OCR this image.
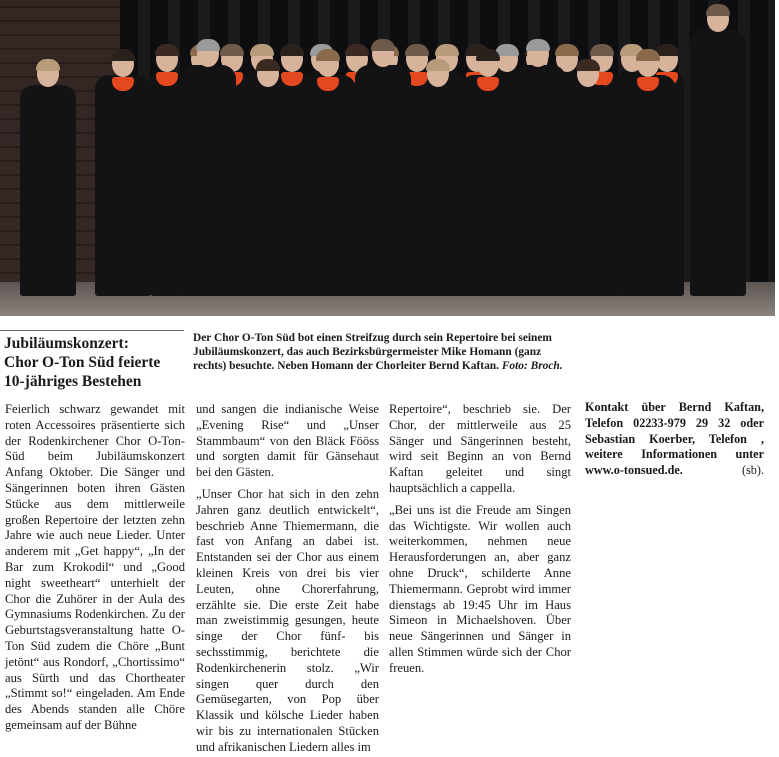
Jubiläumskonzert:
Chor O-Ton Süd feierte
10-jähriges Bestehen

Der Chor O-Ton Süd bot einen Streifzug durch sein Repertoire bei seinem Jubiläumskonzert, das auch Bezirksbürgermeister Mike Homann (ganz rechts) besuchte. Neben Homann der Chorleiter Bernd Kaftan. Foto: Broch.

Feierlich schwarz gewandet mit roten Accessoires präsentierte sich der Rodenkirchener Chor O-Ton-Süd beim Jubiläumskonzert Anfang Oktober. Die Sänger und Sängerinnen boten ihren Gästen Stücke aus dem mittlerweile großen Repertoire der letzten zehn Jahre wie auch neue Lieder. Unter anderem mit „Get happy“, „In der Bar zum Krokodil“ und „Good night sweetheart“ unterhielt der Chor die Zuhörer in der Aula des Gymnasiums Rodenkirchen. Zu der Geburtstagsveranstaltung hatte O-Ton Süd zudem die Chöre „Bunt jetönt“ aus Rondorf, „Chortissimo“ aus Sürth und das Chortheater „Stimmt so!“ eingeladen. Am Ende des Abends standen alle Chöre gemeinsam auf der Bühne

und sangen die indianische Weise „Evening Rise“ und „Unser Stammbaum“ von den Bläck Fööss und sorgten damit für Gänsehaut bei den Gästen.

„Unser Chor hat sich in den zehn Jahren ganz deutlich entwickelt“, beschrieb Anne Thiemermann, die fast von Anfang an dabei ist. Entstanden sei der Chor aus einem kleinen Kreis von drei bis vier Leuten, ohne Chorerfahrung, erzählte sie. Die erste Zeit habe man zweistimmig gesungen, heute singe der Chor fünf- bis sechsstimmig, berichtete die Rodenkirchenerin stolz. „Wir singen quer durch den Gemüsegarten, von Pop über Klassik und kölsche Lieder haben wir bis zu internationalen Stücken und afrikanischen Liedern alles im

Repertoire“, beschrieb sie. Der Chor, der mittlerweile aus 25 Sänger und Sängerinnen besteht, wird seit Beginn an von Bernd Kaftan geleitet und singt hauptsächlich a cappella.

„Bei uns ist die Freude am Singen das Wichtigste. Wir wollen auch weiterkommen, nehmen neue Herausforderungen an, aber ganz ohne Druck“, schilderte Anne Thiemermann. Geprobt wird immer dienstags ab 19:45 Uhr im Haus Simeon in Michaelshoven. Über neue Sängerinnen und Sänger in allen Stimmen würde sich der Chor freuen.

Kontakt über Bernd Kaftan, Telefon 02233-979 29 32 oder Sebastian Koerber, Telefon , weitere Informationen unter www.o-tonsued.de.	(sb).
